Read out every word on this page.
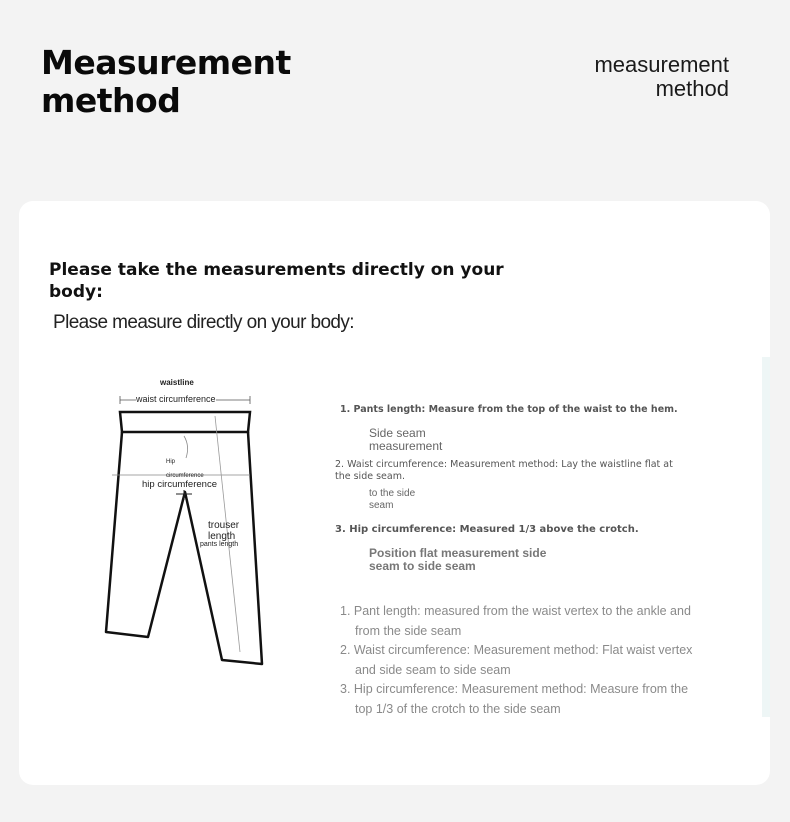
Measurement
method
measurement
method
Please take the measurements directly on your body:
Please measure directly on your body:
waistline
waist circumference
Hip
circumference
hip circumference
trouser
length
pants length
1. Pants length: Measure from the top of the waist to the hem.
Side seam measurement
2. Waist circumference: Measurement method: Lay the waistline flat at the side seam.
to the side seam
3. Hip circumference: Measured 1/3 above the crotch.
Position flat measurement side seam to side seam
1. Pant length: measured from the waist vertex to the ankle and from the side seam
2. Waist circumference: Measurement method: Flat waist vertex and side seam to side seam
3. Hip circumference: Measurement method: Measure from the top 1/3 of the crotch to the side seam
